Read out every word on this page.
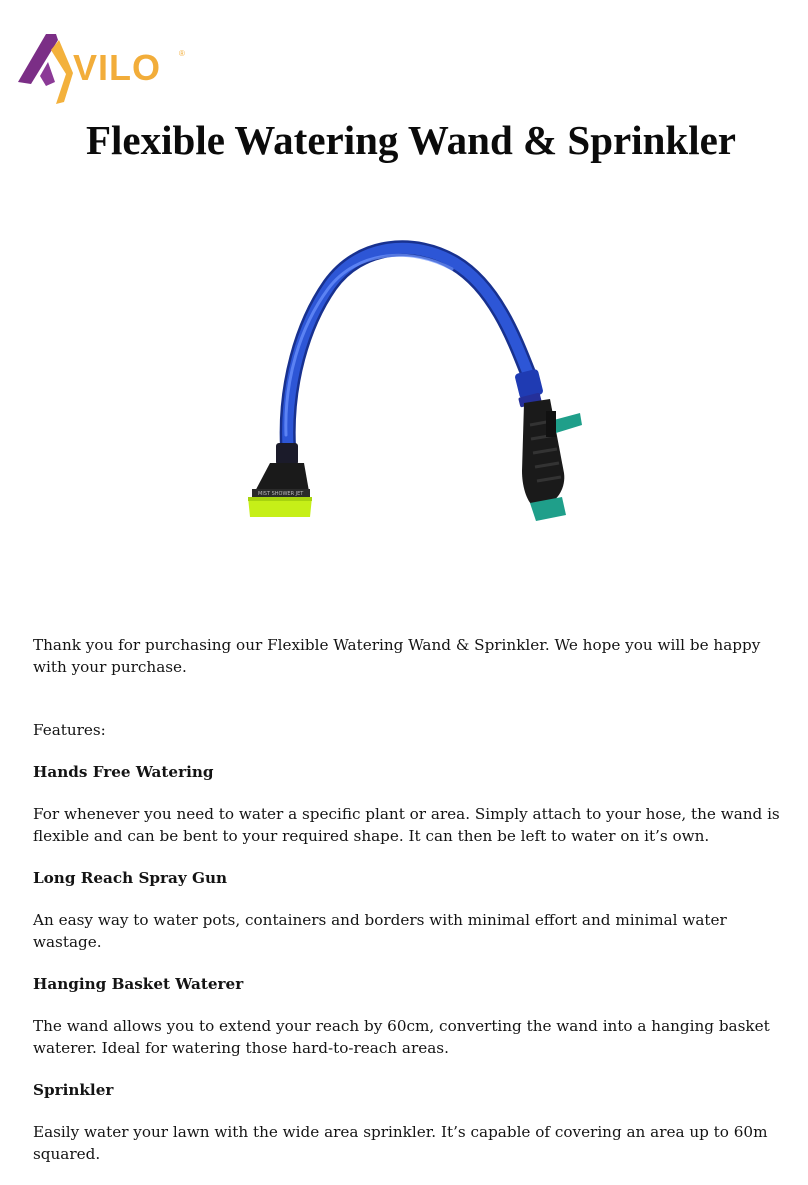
VILO ®
Flexible Watering Wand & Sprinkler
MIST SHOWER JET

Thank you for purchasing our Flexible Watering Wand & Sprinkler. We hope you will be happy with your purchase.

Features:

Hands Free Watering

For whenever you need to water a specific plant or area. Simply attach to your hose, the wand is flexible and can be bent to your required shape. It can then be left to water on it’s own.

Long Reach Spray Gun

An easy way to water pots, containers and borders with minimal effort and minimal water wastage.

Hanging Basket Waterer

The wand allows you to extend your reach by 60cm, converting the wand into a hanging basket waterer. Ideal for watering those hard-to-reach areas.

Sprinkler

Easily water your lawn with the wide area sprinkler. It’s capable of covering an area up to 60m squared.
